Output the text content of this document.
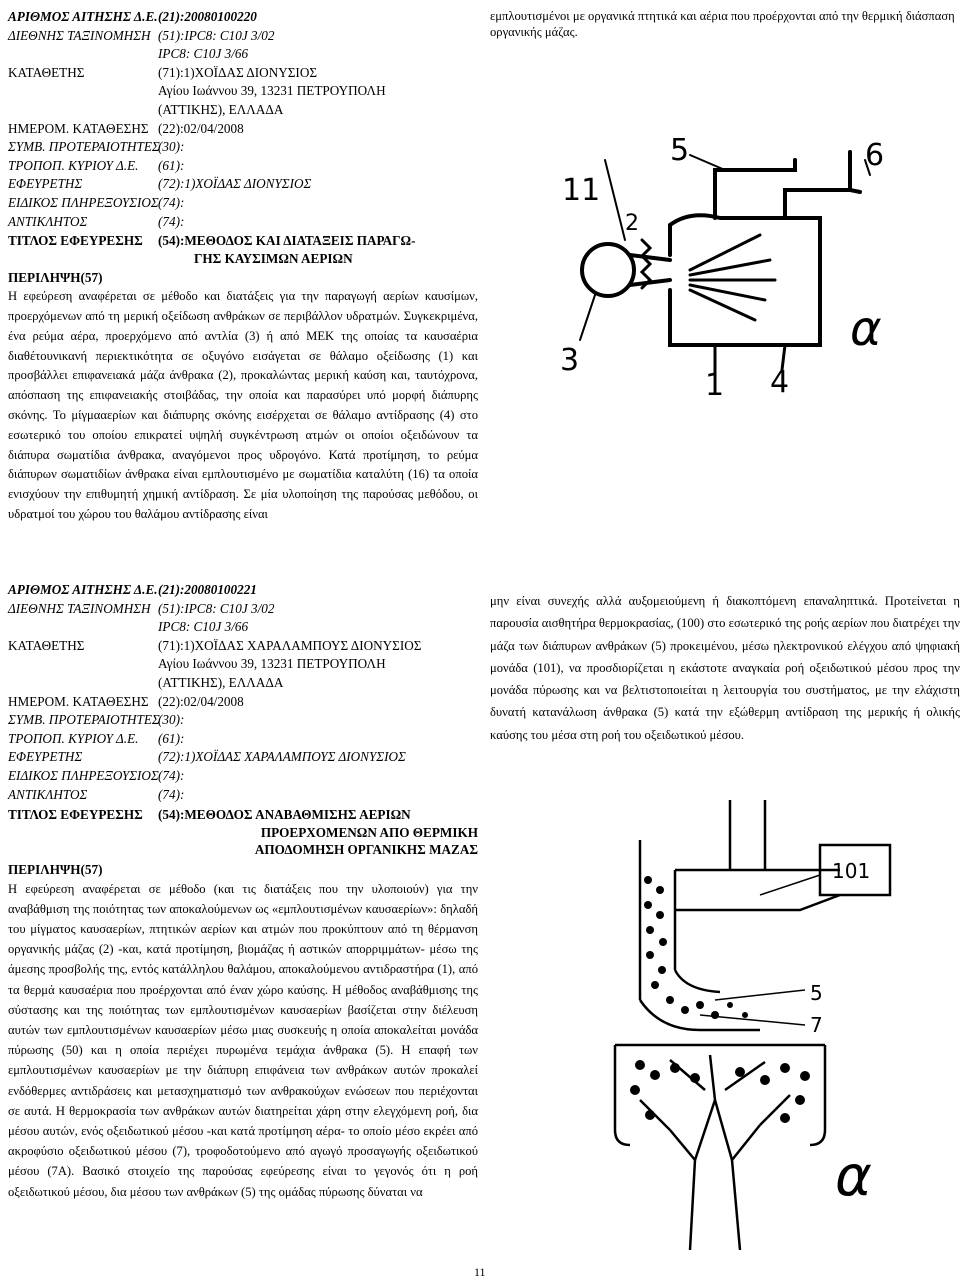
ΑΡΙΘΜΟΣ ΑΙΤΗΣΗΣ Δ.Ε. (21):20080100220
ΔΙΕΘΝΗΣ ΤΑΞΙΝΟΜΗΣΗ (51):IPC8: C10J 3/02
IPC8: C10J 3/66
ΚΑΤΑΘΕΤΗΣ	(71):1)ΧΟΪΔΑΣ ΔΙΟΝΥΣΙΟΣ
Αγίου Ιωάννου 39, 13231 ΠΕΤΡΟΥΠΟΛΗ
(ΑΤΤΙΚΗΣ), ΕΛΛΑΔΑ
ΗΜΕΡΟΜ. ΚΑΤΑΘΕΣΗΣ (22):02/04/2008
ΣΥΜΒ. ΠΡΟΤΕΡΑΙΟΤΗΤΕΣ
(30):
ΤΡΟΠΟΠ. ΚΥΡΙΟΥ Δ.Ε.	(61):
ΕΦΕΥΡΕΤΗΣ	(72):1)ΧΟΪΔΑΣ ΔΙΟΝΥΣΙΟΣ
ΕΙΔΙΚΟΣ ΠΛΗΡΕΞΟΥΣΙΟΣ (74):
ΑΝΤΙΚΛΗΤΟΣ	(74):
ΤΙΤΛΟΣ ΕΦΕΥΡΕΣΗΣ	(54):ΜΕΘΟΔΟΣ ΚΑΙ ΔΙΑΤΑΞΕΙΣ ΠΑΡΑΓΩ-
ΓΗΣ ΚΑΥΣΙΜΩΝ ΑΕΡΙΩΝ
ΠΕΡΙΛΗΨΗ(57)

Η εφεύρεση αναφέρεται σε μέθοδο και διατάξεις για την παραγωγή αερίων καυσίμων, προερχόμενων από τη μερική οξείδωση ανθράκων σε περιβάλλον υδρατμών. Συγκεκριμένα, ένα ρεύμα αέρα, προερχόμενο από αντλία (3) ή από ΜΕΚ της οποίας τα καυσαέρια διαθέτουνικανή περιεκτικότητα σε οξυγόνο εισάγεται σε θάλαμο οξείδωσης (1) και προσβάλλει επιφανειακά μάζα άνθρακα (2), προκαλώντας μερική καύση και, ταυτόχρονα, απόσπαση της επιφανειακής στοιβάδας, την οποία και παρασύρει υπό μορφή διάπυρης σκόνης. Το μίγμααερίων και διάπυρης σκόνης εισέρχεται σε θάλαμο αντίδρασης (4) στο εσωτερικό του οποίου επικρατεί υψηλή συγκέντρωση ατμών οι οποίοι οξειδώνουν τα διάπυρα σωματίδια άνθρακα, αναγόμενοι προς υδρογόνο. Κατά προτίμηση, το ρεύμα διάπυρων σωματιδίων άνθρακα είναι εμπλουτισμένο με σωματίδια καταλύτη (16) τα οποία ενισχύουν την επιθυμητή χημική αντίδραση. Σε μία υλοποίηση της παρούσας μεθόδου, οι υδρατμοί του χώρου του θαλάμου αντίδρασης είναι

εμπλουτισμένοι με οργανικά πτητικά και αέρια που προέρχονται από την θερμική διάσπαση οργανικής μάζας.

5	6
11
2
3
1 4
α
ΑΡΙΘΜΟΣ ΑΙΤΗΣΗΣ Δ.Ε. (21):20080100221
ΔΙΕΘΝΗΣ ΤΑΞΙΝΟΜΗΣΗ (51):IPC8: C10J 3/02
IPC8: C10J 3/66
ΚΑΤΑΘΕΤΗΣ	(71):1)ΧΟΪΔΑΣ ΧΑΡΑΛΑΜΠΟΥΣ ΔΙΟΝΥΣΙΟΣ
Αγίου Ιωάννου 39, 13231 ΠΕΤΡΟΥΠΟΛΗ
(ΑΤΤΙΚΗΣ), ΕΛΛΑΔΑ
ΗΜΕΡΟΜ. ΚΑΤΑΘΕΣΗΣ (22):02/04/2008
ΣΥΜΒ. ΠΡΟΤΕΡΑΙΟΤΗΤΕΣ
(30):
ΤΡΟΠΟΠ. ΚΥΡΙΟΥ Δ.Ε.	(61):
ΕΦΕΥΡΕΤΗΣ	(72):1)ΧΟΪΔΑΣ ΧΑΡΑΛΑΜΠΟΥΣ ΔΙΟΝΥΣΙΟΣ
ΕΙΔΙΚΟΣ ΠΛΗΡΕΞΟΥΣΙΟΣ (74):
ΑΝΤΙΚΛΗΤΟΣ	(74):
ΤΙΤΛΟΣ ΕΦΕΥΡΕΣΗΣ	(54):ΜΕΘΟΔΟΣ ΑΝΑΒΑΘΜΙΣΗΣ ΑΕΡΙΩΝ
ΠΡΟΕΡΧΟΜΕΝΩΝ ΑΠΟ ΘΕΡΜΙΚΗ
ΑΠΟΔΟΜΗΣΗ ΟΡΓΑΝΙΚΗΣ ΜΑΖΑΣ
ΠΕΡΙΛΗΨΗ(57)

Η εφεύρεση αναφέρεται σε μέθοδο (και τις διατάξεις που την υλοποιούν) για την αναβάθμιση της ποιότητας των αποκαλούμενων ως «εμπλουτισμένων καυσαερίων»: δηλαδή του μίγματος καυσαερίων, πτητικών αερίων και ατμών που προκύπτουν από τη θέρμανση οργανικής μάζας (2) -και, κατά προτίμηση, βιομάζας ή αστικών απορριμμάτων- μέσω της άμεσης προσβολής της, εντός κατάλληλου θαλάμου, αποκαλούμενου αντιδραστήρα (1), από τα θερμά καυσαέρια που προέρχονται από έναν χώρο καύσης. Η μέθοδος αναβάθμισης της σύστασης και της ποιότητας των εμπλουτισμένων καυσαερίων βασίζεται στην διέλευση αυτών των εμπλουτισμένων καυσαερίων μέσω μιας συσκευής η οποία αποκαλείται μονάδα πύρωσης (50) και η οποία περιέχει πυρωμένα τεμάχια άνθρακα (5). Η επαφή των εμπλουτισμένων καυσαερίων με την διάπυρη επιφάνεια των ανθράκων αυτών προκαλεί ενδόθερμες αντιδράσεις και μετασχηματισμό των ανθρακούχων ενώσεων που περιέχονται σε αυτά. Η θερμοκρασία των ανθράκων αυτών διατηρείται χάρη στην ελεγχόμενη ροή, δια μέσου αυτών, ενός οξειδωτικού μέσου -και κατά προτίμηση αέρα- το οποίο μέσο εκρέει από ακροφύσιο οξειδωτικού μέσου (7), τροφοδοτούμενο από αγωγό προσαγωγής οξειδωτικού μέσου (7Α). Βασικό στοιχείο της παρούσας εφεύρεσης είναι το γεγονός ότι η ροή οξειδωτικού μέσου, δια μέσου των ανθράκων (5) της ομάδας πύρωσης δύναται να

μην είναι συνεχής αλλά αυξομειούμενη ή διακοπτόμενη επαναληπτικά. Προτείνεται η παρουσία αισθητήρα θερμοκρασίας, (100) στο εσωτερικό της ροής αερίων που διατρέχει την μάζα των διάπυρων ανθράκων (5) προκειμένου, μέσω ηλεκτρονικού ελέγχου από ψηφιακή μονάδα (101), να προσδιορίζεται η εκάστοτε αναγκαία ροή οξειδωτικού μέσου προς την μονάδα πύρωσης και να βελτιστοποιείται η λειτουργία του συστήματος, με την ελάχιστη δυνατή κατανάλωση άνθρακα (5) κατά την εξώθερμη αντίδραση της μερικής ή ολικής καύσης του μέσα στη ροή του οξειδωτικού μέσου.

101
5
7
α
11
